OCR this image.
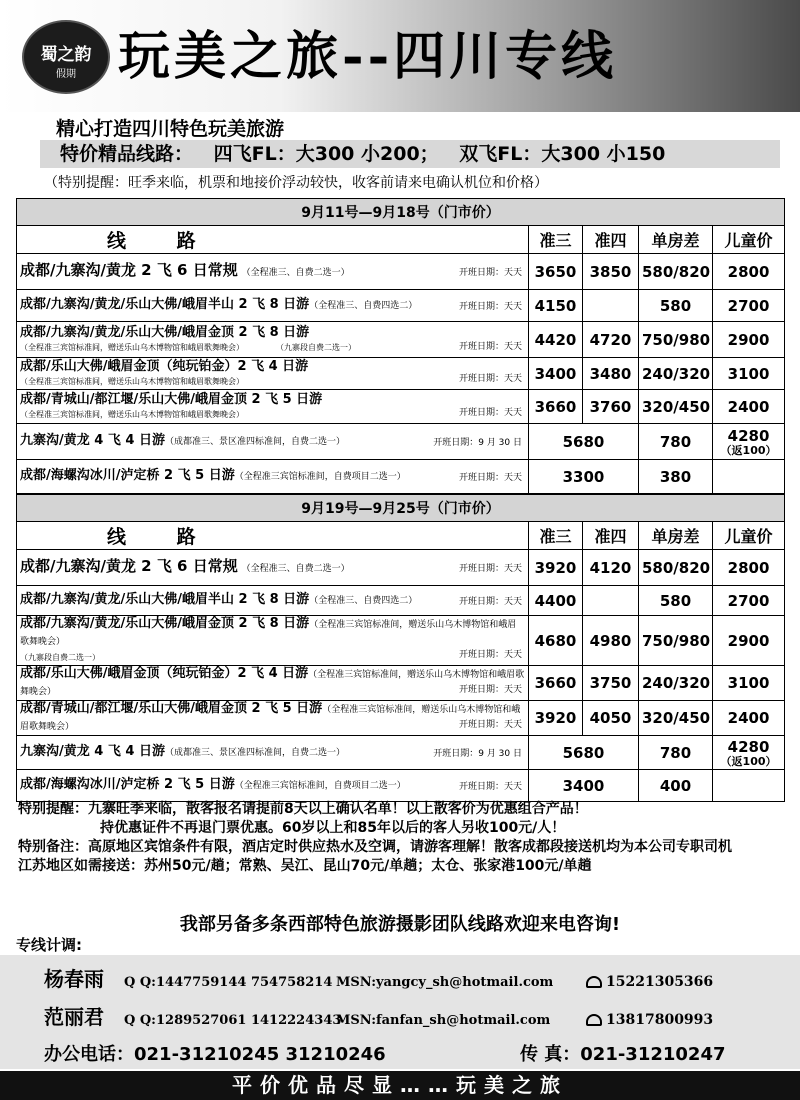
蜀之韵
假期 玩美之旅--四川专线
精心打造四川特色玩美旅游
特价精品线路： 四飞FL：大300 小200； 双飞FL：大300 小150
（特别提醒：旺季来临，机票和地接价浮动较快，收客前请来电确认机位和价格）
9月11号—9月18号（门市价）				
线 路	准三	准四	单房差	儿童价
成都/九寨沟/黄龙 2 飞 6 日常规 （全程准三、自费二选一） 开班日期：天天	3650	3850	580/820	2800
成都/九寨沟/黄龙/乐山大佛/峨眉半山 2 飞 8 日游（全程准三、自费四选二） 开班日期：天天	4150		580	2700
成都/九寨沟/黄龙/乐山大佛/峨眉金顶 2 飞 8 日游
（全程准三宾馆标准间，赠送乐山乌木博物馆和峨眉歌舞晚会）　　　　　（九寨段自费二选一） 开班日期：天天	4420	4720	750/980	2900
成都/乐山大佛/峨眉金顶（纯玩铂金）2 飞 4 日游
（全程准三宾馆标准间，赠送乐山乌木博物馆和峨眉歌舞晚会） 开班日期：天天	3400	3480	240/320	3100
成都/青城山/都江堰/乐山大佛/峨眉金顶 2 飞 5 日游
（全程准三宾馆标准间，赠送乐山乌木博物馆和峨眉歌舞晚会） 开班日期：天天	3660	3760	320/450	2400
九寨沟/黄龙 4 飞 4 日游（成都准三、景区准四标准间，自费二选一） 开班日期：9 月 30 日	5680		780	4280
（返100）

成都/海螺沟冰川/泸定桥 2 飞 5 日游（全程准三宾馆标准间，自费项目二选一） 开班日期：天天	3300		380	
9月19号—9月25号（门市价）				
线 路	准三	准四	单房差	儿童价
成都/九寨沟/黄龙 2 飞 6 日常规 （全程准三、自费二选一） 开班日期：天天	3920	4120	580/820	2800
成都/九寨沟/黄龙/乐山大佛/峨眉半山 2 飞 8 日游（全程准三、自费四选二） 开班日期：天天	4400		580	2700
成都/九寨沟/黄龙/乐山大佛/峨眉金顶 2 飞 8 日游（全程准三宾馆标准间，赠送乐山乌木博物馆和峨眉歌舞晚会）
（九寨段自费二选一） 开班日期：天天	4680	4980	750/980	2900
成都/乐山大佛/峨眉金顶（纯玩铂金）2 飞 4 日游（全程准三宾馆标准间，赠送乐山乌木博物馆和峨眉歌舞晚会） 开班日期：天天	3660	3750	240/320	3100
成都/青城山/都江堰/乐山大佛/峨眉金顶 2 飞 5 日游（全程准三宾馆标准间，赠送乐山乌木博物馆和峨眉歌舞晚会） 开班日期：天天	3920	4050	320/450	2400
九寨沟/黄龙 4 飞 4 日游（成都准三、景区准四标准间，自费二选一） 开班日期：9 月 30 日	5680		780	4280
（返100）

成都/海螺沟冰川/泸定桥 2 飞 5 日游（全程准三宾馆标准间，自费项目二选一） 开班日期：天天	3400		400	
特别提醒： 九寨旺季来临，散客报名请提前8天以上确认名单！以上散客价为优惠组合产品！
持优惠证件不再退门票优惠。60岁以上和85年以后的客人另收100元/人！
特别备注： 高原地区宾馆条件有限，酒店定时供应热水及空调，请游客理解！散客成都段接送机均为本公司专职司机
江苏地区如需接送：苏州50元/趟；常熟、吴江、昆山70元/单趟；太仓、张家港100元/单趟
我部另备多条西部特色旅游摄影团队线路欢迎来电咨询!
专线计调:
杨春雨 Q Q:1447759144 754758214 MSN:yangcy_sh@hotmail.com	15221305366
范丽君 Q Q:1289527061 1412224343MSN:fanfan_sh@hotmail.com	13817800993
办公电话：021-31210245 31210246	传 真：021-31210247
平价优品尽显……玩美之旅
